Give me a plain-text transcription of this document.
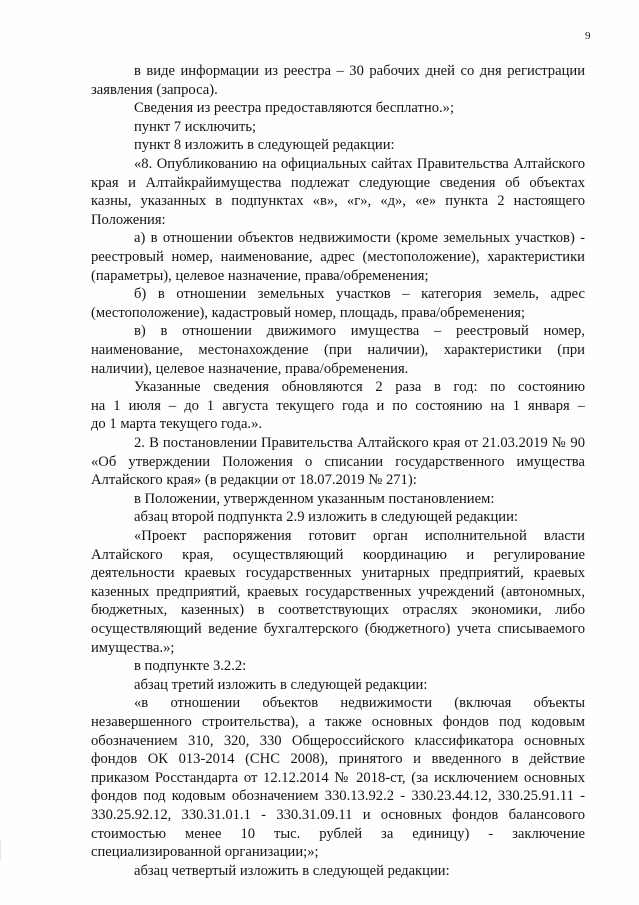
9
в виде информации из реестра – 30 рабочих дней со дня регистрации
заявления (запроса).
Сведения из реестра предоставляются бесплатно.»;
пункт 7 исключить;
пункт 8 изложить в следующей редакции:
«8. Опубликованию на официальных сайтах Правительства Алтайского
края и Алтайкрайимущества подлежат следующие сведения об объектах
казны, указанных в подпунктах «в», «г», «д», «е» пункта 2 настоящего
Положения:
а) в отношении объектов недвижимости (кроме земельных участков) -
реестровый номер, наименование, адрес (местоположение), характеристики
(параметры), целевое назначение, права/обременения;
б) в отношении земельных участков – категория земель, адрес
(местоположение), кадастровый номер, площадь, права/обременения;
в) в отношении движимого имущества – реестровый номер,
наименование, местонахождение (при наличии), характеристики (при
наличии), целевое назначение, права/обременения.
Указанные сведения обновляются 2 раза в год: по состоянию
на 1 июля – до 1 августа текущего года и по состоянию на 1 января –
до 1 марта текущего года.».
2. В постановлении Правительства Алтайского края от 21.03.2019 № 90
«Об утверждении Положения о списании государственного имущества
Алтайского края» (в редакции от 18.07.2019 № 271):
в Положении, утвержденном указанным постановлением:
абзац второй подпункта 2.9 изложить в следующей редакции:
«Проект распоряжения готовит орган исполнительной власти
Алтайского края, осуществляющий координацию и регулирование
деятельности краевых государственных унитарных предприятий, краевых
казенных предприятий, краевых государственных учреждений (автономных,
бюджетных, казенных) в соответствующих отраслях экономики, либо
осуществляющий ведение бухгалтерского (бюджетного) учета списываемого
имущества.»;
в подпункте 3.2.2:
абзац третий изложить в следующей редакции:
«в отношении объектов недвижимости (включая объекты
незавершенного строительства), а также основных фондов под кодовым
обозначением 310, 320, 330 Общероссийского классификатора основных
фондов ОК 013-2014 (СНС 2008), принятого и введенного в действие
приказом Росстандарта от 12.12.2014 № 2018-ст, (за исключением основных
фондов под кодовым обозначением 330.13.92.2 - 330.23.44.12, 330.25.91.11 -
330.25.92.12, 330.31.01.1 - 330.31.09.11 и основных фондов балансового
стоимостью менее 10 тыс. рублей за единицу) - заключение
специализированной организации;»;
абзац четвертый изложить в следующей редакции:
